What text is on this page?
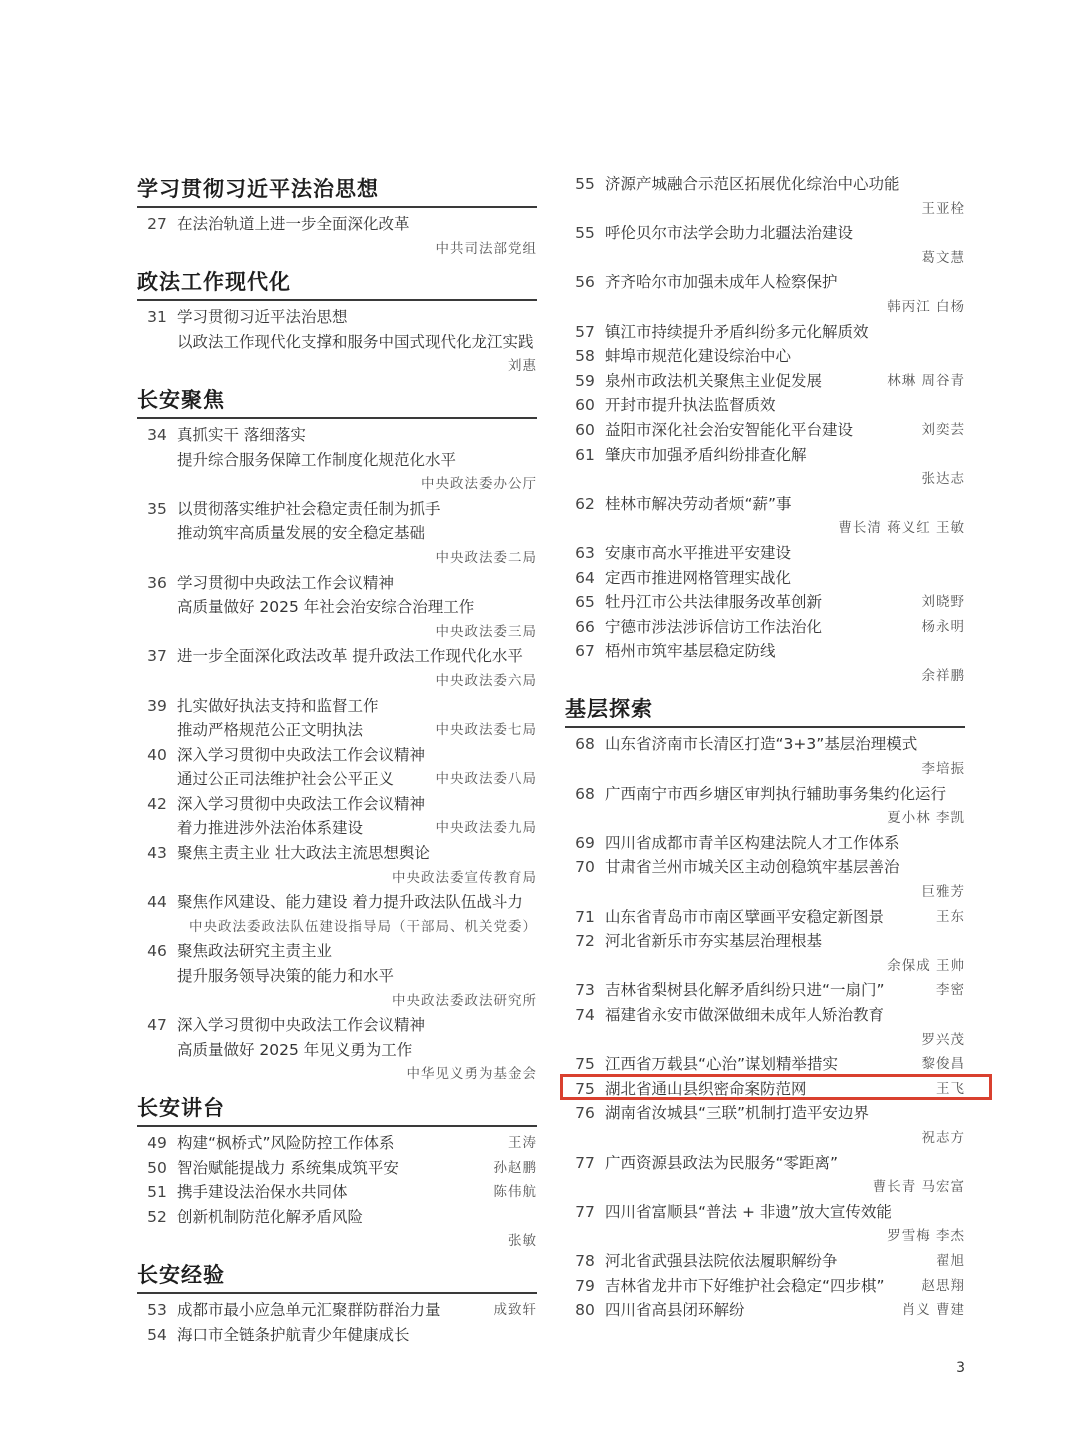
学习贯彻习近平法治思想
27 在法治轨道上进一步全面深化改革
中共司法部党组
政法工作现代化
31 学习贯彻习近平法治思想
以政法工作现代化支撑和服务中国式现代化龙江实践
刘惠
长安聚焦
34 真抓实干 落细落实
提升综合服务保障工作制度化规范化水平
中央政法委办公厅
35 以贯彻落实维护社会稳定责任制为抓手
推动筑牢高质量发展的安全稳定基础
中央政法委二局
36 学习贯彻中央政法工作会议精神
高质量做好 2025 年社会治安综合治理工作
中央政法委三局
37 进一步全面深化政法改革 提升政法工作现代化水平
中央政法委六局
39 扎实做好执法支持和监督工作
推动严格规范公正文明执法	中央政法委七局
40 深入学习贯彻中央政法工作会议精神
通过公正司法维护社会公平正义	中央政法委八局
42 深入学习贯彻中央政法工作会议精神
着力推进涉外法治体系建设	中央政法委九局
43 聚焦主责主业 壮大政法主流思想舆论
中央政法委宣传教育局
44 聚焦作风建设、能力建设 着力提升政法队伍战斗力
中央政法委政法队伍建设指导局（干部局、机关党委）
46 聚焦政法研究主责主业
提升服务领导决策的能力和水平
中央政法委政法研究所
47 深入学习贯彻中央政法工作会议精神
高质量做好 2025 年见义勇为工作
中华见义勇为基金会
长安讲台
49 构建“枫桥式”风险防控工作体系	王涛
50 智治赋能提战力 系统集成筑平安	孙赵鹏
51 携手建设法治保水共同体	陈伟航
52 创新机制防范化解矛盾风险
张敏
长安经验
53 成都市最小应急单元汇聚群防群治力量	成致轩
54 海口市全链条护航青少年健康成长
55 济源产城融合示范区拓展优化综治中心功能
王亚栓
55 呼伦贝尔市法学会助力北疆法治建设
葛文慧
56 齐齐哈尔市加强未成年人检察保护
韩丙江 白杨
57 镇江市持续提升矛盾纠纷多元化解质效
58 蚌埠市规范化建设综治中心
59 泉州市政法机关聚焦主业促发展	林琳 周谷青
60 开封市提升执法监督质效
60 益阳市深化社会治安智能化平台建设	刘奕芸
61 肇庆市加强矛盾纠纷排查化解
张达志
62 桂林市解决劳动者烦“薪”事
曹长清 蒋义红 王敏
63 安康市高水平推进平安建设
64 定西市推进网格管理实战化
65 牡丹江市公共法律服务改革创新	刘晓野
66 宁德市涉法涉诉信访工作法治化	杨永明
67 梧州市筑牢基层稳定防线
余祥鹏
基层探索
68 山东省济南市长清区打造“3+3”基层治理模式
李培振
68 广西南宁市西乡塘区审判执行辅助事务集约化运行
夏小林 李凯
69 四川省成都市青羊区构建法院人才工作体系
70 甘肃省兰州市城关区主动创稳筑牢基层善治
巨雅芳
71 山东省青岛市市南区擘画平安稳定新图景	王东
72 河北省新乐市夯实基层治理根基
余保成 王帅
73 吉林省梨树县化解矛盾纠纷只进“一扇门”	李密
74 福建省永安市做深做细未成年人矫治教育
罗兴茂
75 江西省万载县“心治”谋划精举措实	黎俊昌
75 湖北省通山县织密命案防范网	王飞
76 湖南省汝城县“三联”机制打造平安边界
祝志方
77 广西资源县政法为民服务“零距离”
曹长青 马宏富
77 四川省富顺县“普法 + 非遗”放大宣传效能
罗雪梅 李杰
78 河北省武强县法院依法履职解纷争	翟旭
79 吉林省龙井市下好维护社会稳定“四步棋”	赵思翔
80 四川省高县闭环解纷	肖义 曹建
3
